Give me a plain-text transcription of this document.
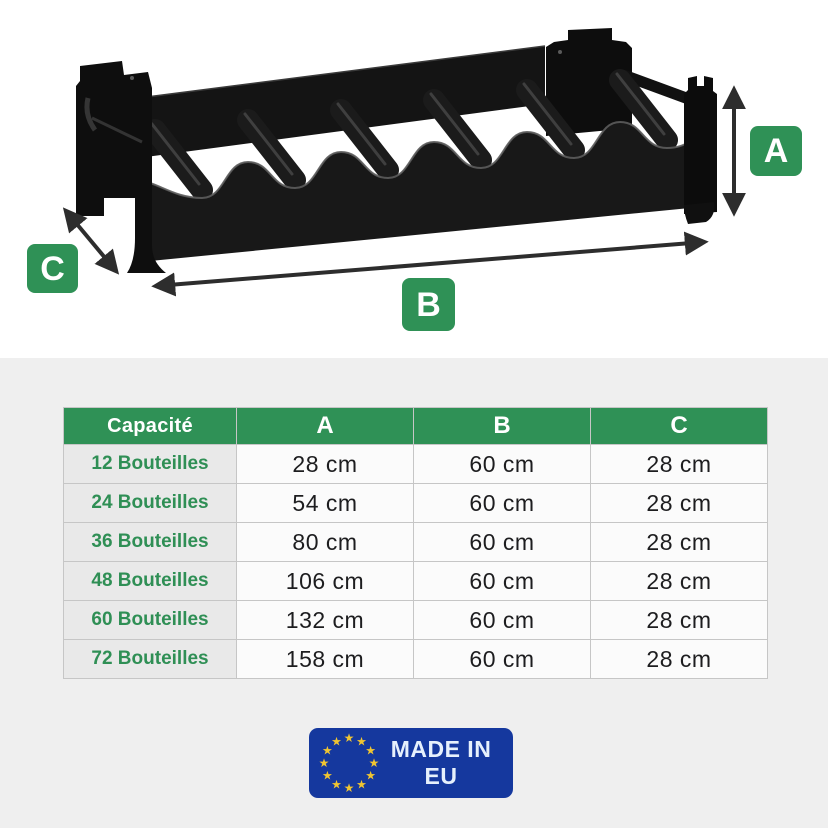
A
B
C
Capacité	A	B	C
12 Bouteilles	28 cm	60 cm	28 cm
24 Bouteilles	54 cm	60 cm	28 cm
36 Bouteilles	80 cm	60 cm	28 cm
48 Bouteilles	106 cm	60 cm	28 cm
60 Bouteilles	132 cm	60 cm	28 cm
72 Bouteilles	158 cm	60 cm	28 cm
★ ★
★
★
★
★
★
★
★
★
★
★	MADE IN EU
